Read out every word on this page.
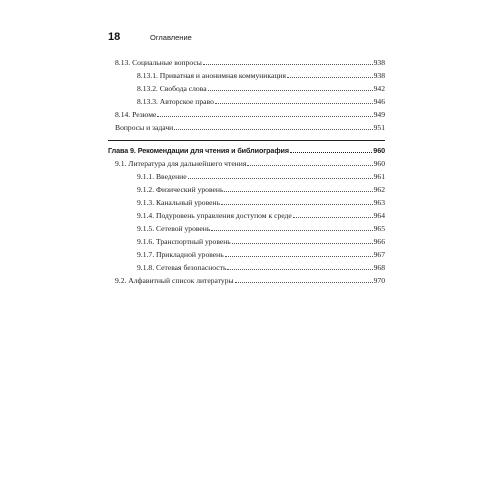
18	Оглавление
8.13. Социальные вопросы	938
8.13.1. Приватная и анонимная коммуникация	938
8.13.2. Свобода слова	942
8.13.3. Авторское право	946
8.14. Резюме	949
Вопросы и задачи	951
Глава 9. Рекомендации для чтения и библиография	960
9.1. Литература для дальнейшего чтения	960
9.1.1. Введение	961
9.1.2. Физический уровень	962
9.1.3. Канальный уровень	963
9.1.4. Подуровень управления доступом к среде	964
9.1.5. Сетевой уровень	965
9.1.6. Транспортный уровень	966
9.1.7. Прикладной уровень	967
9.1.8. Сетевая безопасность	968
9.2. Алфавитный список литературы	970
